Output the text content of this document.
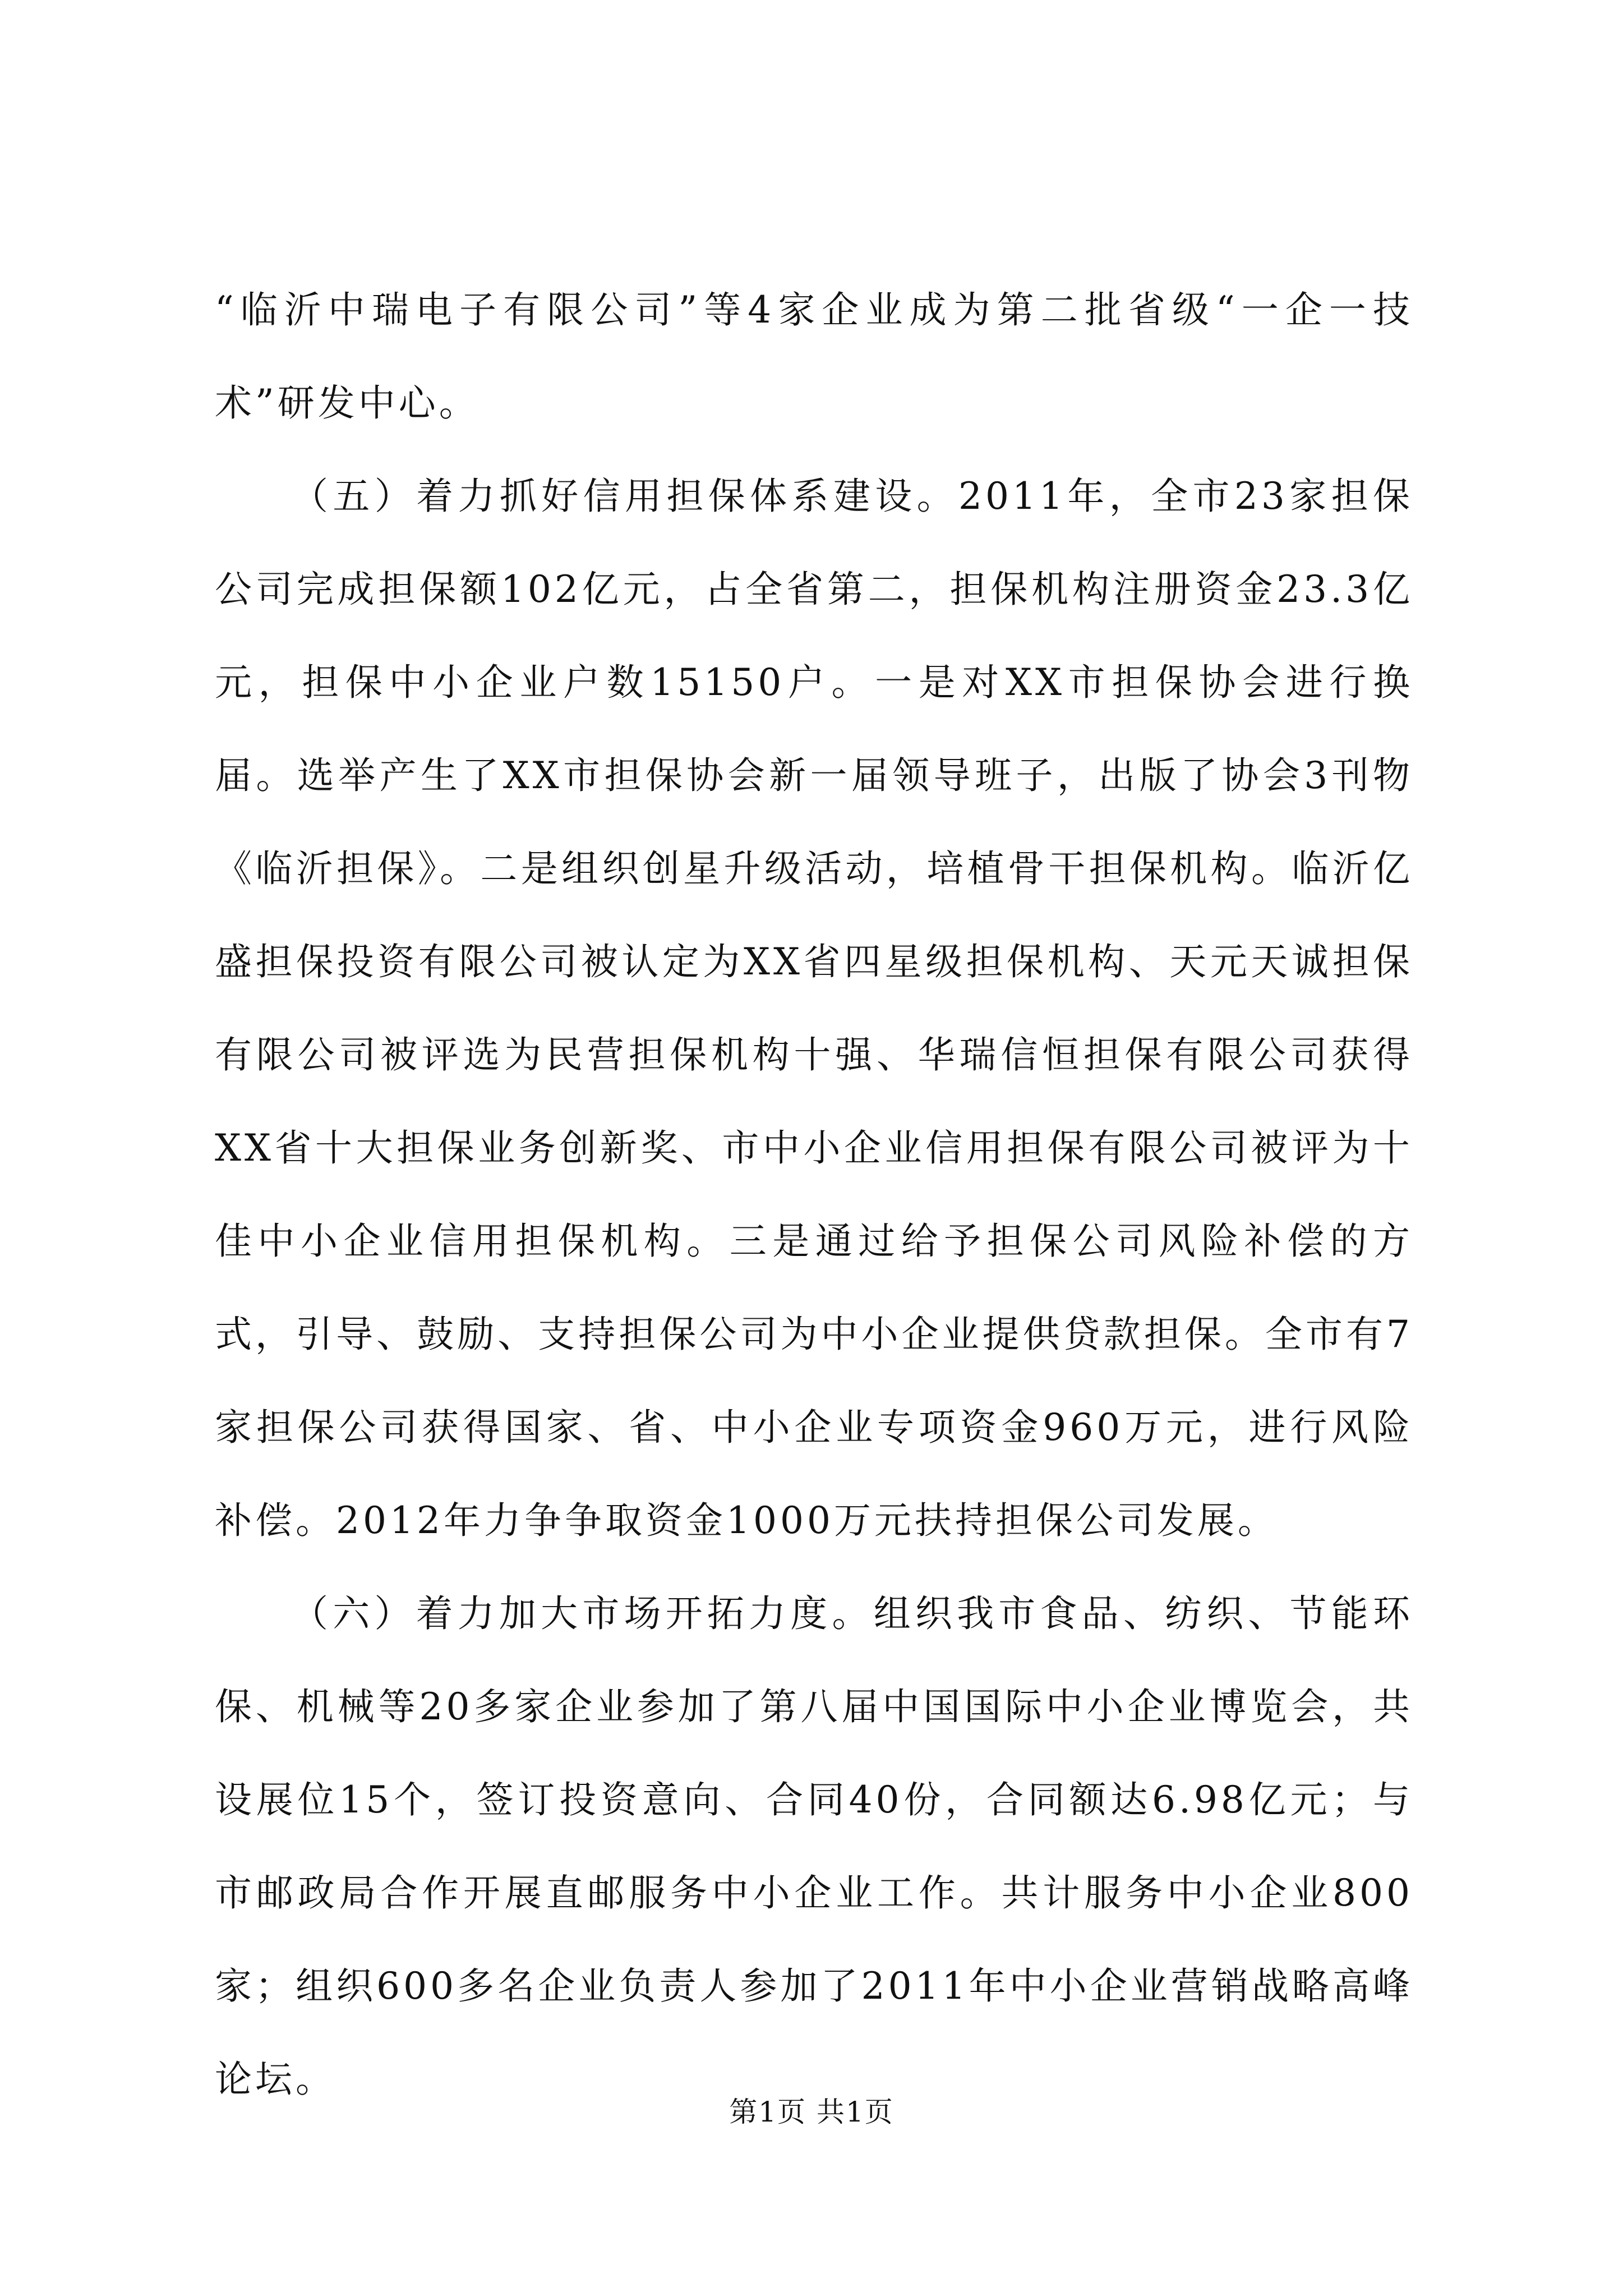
“临沂中瑞电子有限公司”等4家企业成为第二批省级“一企一技术”研发中心。

（五）着力抓好信用担保体系建设。2011年，全市23家担保公司完成担保额102亿元，占全省第二，担保机构注册资金23.3亿元，担保中小企业户数15150户。一是对XX市担保协会进行换届。选举产生了XX市担保协会新一届领导班子，出版了协会3刊物《临沂担保》。二是组织创星升级活动，培植骨干担保机构。临沂亿盛担保投资有限公司被认定为XX省四星级担保机构、天元天诚担保有限公司被评选为民营担保机构十强、华瑞信恒担保有限公司获得XX省十大担保业务创新奖、市中小企业信用担保有限公司被评为十佳中小企业信用担保机构。三是通过给予担保公司风险补偿的方式，引导、鼓励、支持担保公司为中小企业提供贷款担保。全市有7家担保公司获得国家、省、中小企业专项资金960万元，进行风险补偿。2012年力争争取资金1000万元扶持担保公司发展。

（六）着力加大市场开拓力度。组织我市食品、纺织、节能环保、机械等20多家企业参加了第八届中国国际中小企业博览会，共设展位15个，签订投资意向、合同40份，合同额达6.98亿元；与市邮政局合作开展直邮服务中小企业工作。共计服务中小企业800家；组织600多名企业负责人参加了2011年中小企业营销战略高峰论坛。

第1页 共1页
